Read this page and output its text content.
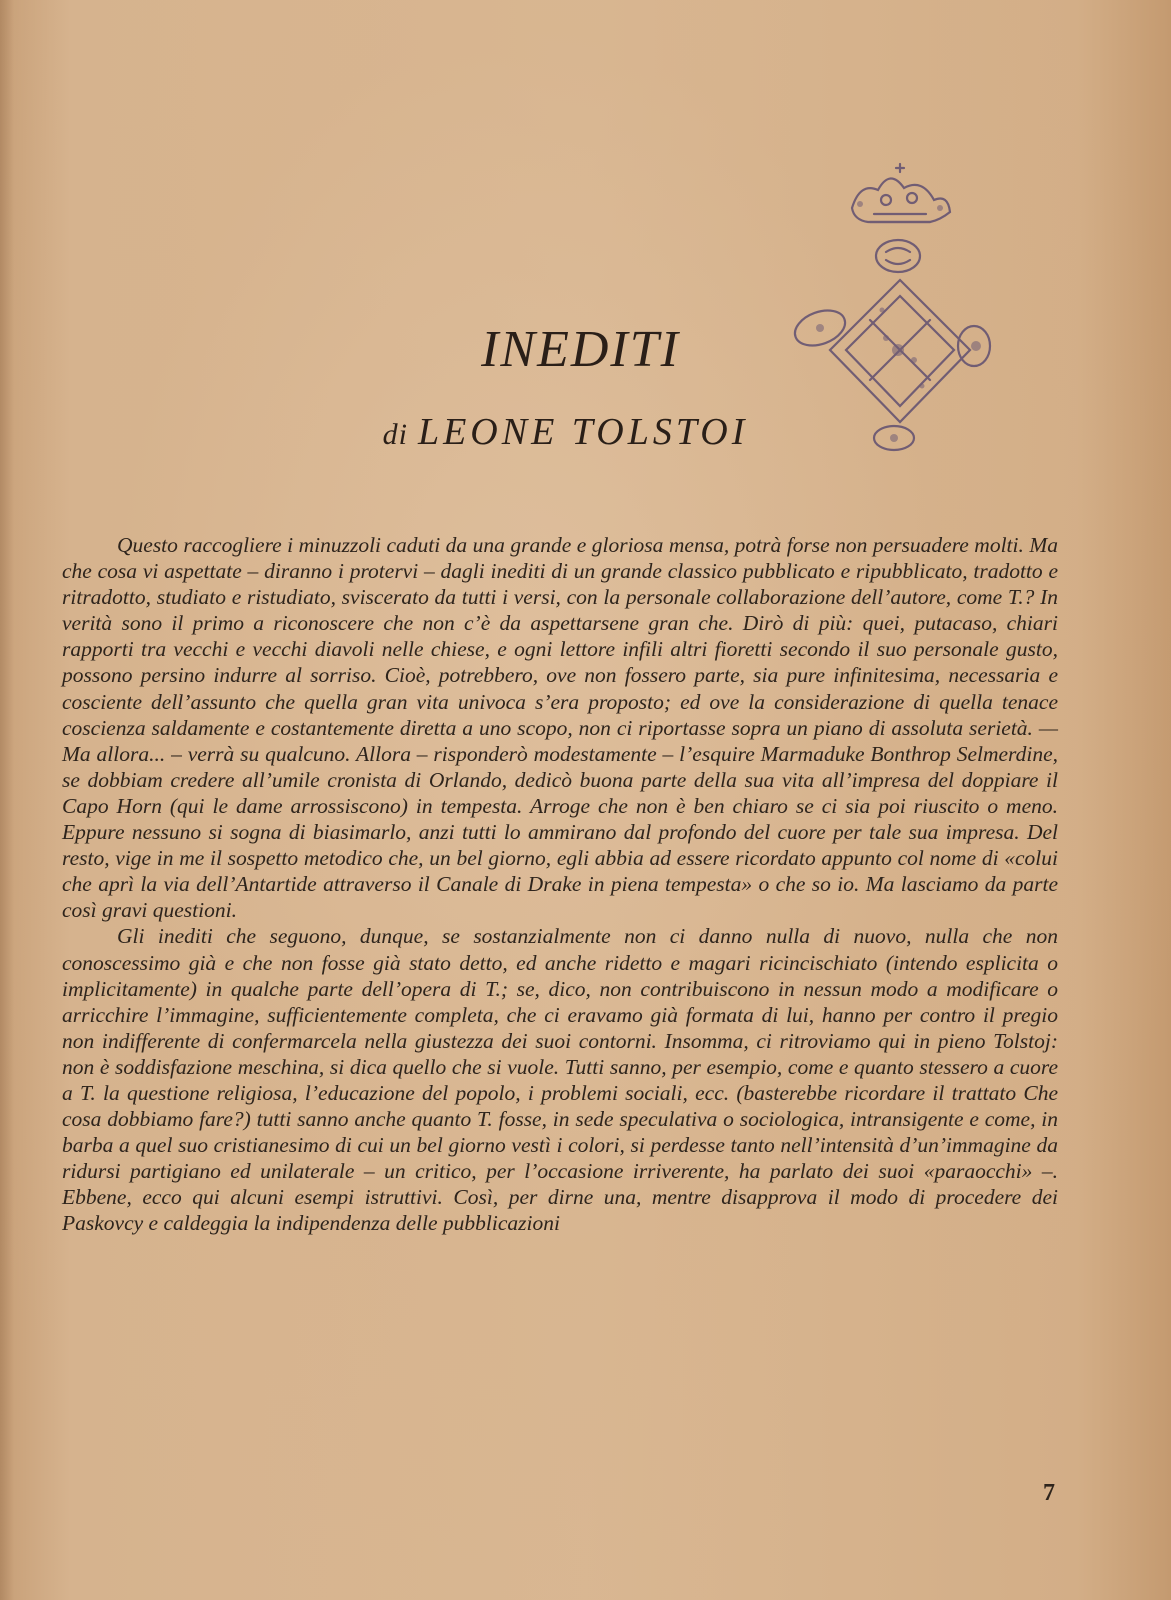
INEDITI
di LEONE TOLSTOI

Questo raccogliere i minuzzoli caduti da una grande e gloriosa mensa, potrà forse non persuadere molti. Ma che cosa vi aspettate – diranno i protervi – dagli inediti di un grande classico pubblicato e ripubblicato, tradotto e ritradotto, studiato e ristudiato, sviscerato da tutti i versi, con la personale collaborazione dell’autore, come T.? In verità sono il primo a riconoscere che non c’è da aspettarsene gran che. Dirò di più: quei, putacaso, chiari rapporti tra vecchi e vecchi diavoli nelle chiese, e ogni lettore infili altri fioretti secondo il suo personale gusto, possono persino indurre al sorriso. Cioè, potrebbero, ove non fossero parte, sia pure infinitesima, necessaria e cosciente dell’assunto che quella gran vita univoca s’era proposto; ed ove la considerazione di quella tenace coscienza saldamente e costantemente diretta a uno scopo, non ci riportasse sopra un piano di assoluta serietà. — Ma allora... – verrà su qualcuno. Allora – risponderò modestamente – l’esquire Marmaduke Bonthrop Selmerdine, se dobbiam credere all’umile cronista di Orlando, dedicò buona parte della sua vita all’impresa del doppiare il Capo Horn (qui le dame arrossiscono) in tempesta. Arroge che non è ben chiaro se ci sia poi riuscito o meno. Eppure nessuno si sogna di biasimarlo, anzi tutti lo ammirano dal profondo del cuore per tale sua impresa. Del resto, vige in me il sospetto metodico che, un bel giorno, egli abbia ad essere ricordato appunto col nome di «colui che aprì la via dell’Antartide attraverso il Canale di Drake in piena tempesta» o che so io. Ma lasciamo da parte così gravi questioni.

Gli inediti che seguono, dunque, se sostanzialmente non ci danno nulla di nuovo, nulla che non conoscessimo già e che non fosse già stato detto, ed anche ridetto e magari ricincischiato (intendo esplicita o implicitamente) in qualche parte dell’opera di T.; se, dico, non contribuiscono in nessun modo a modificare o arricchire l’immagine, sufficientemente completa, che ci eravamo già formata di lui, hanno per contro il pregio non indifferente di confermarcela nella giustezza dei suoi contorni. Insomma, ci ritroviamo qui in pieno Tolstoj: non è soddisfazione meschina, si dica quello che si vuole. Tutti sanno, per esempio, come e quanto stessero a cuore a T. la questione religiosa, l’educazione del popolo, i problemi sociali, ecc. (basterebbe ricordare il trattato Che cosa dobbiamo fare?) tutti sanno anche quanto T. fosse, in sede speculativa o sociologica, intransigente e come, in barba a quel suo cristianesimo di cui un bel giorno vestì i colori, si perdesse tanto nell’intensità d’un’immagine da ridursi partigiano ed unilaterale – un critico, per l’occasione irriverente, ha parlato dei suoi «paraocchi» –. Ebbene, ecco qui alcuni esempi istruttivi. Così, per dirne una, mentre disapprova il modo di procedere dei Paskovcy e caldeggia la indipendenza delle pubblicazioni

7
